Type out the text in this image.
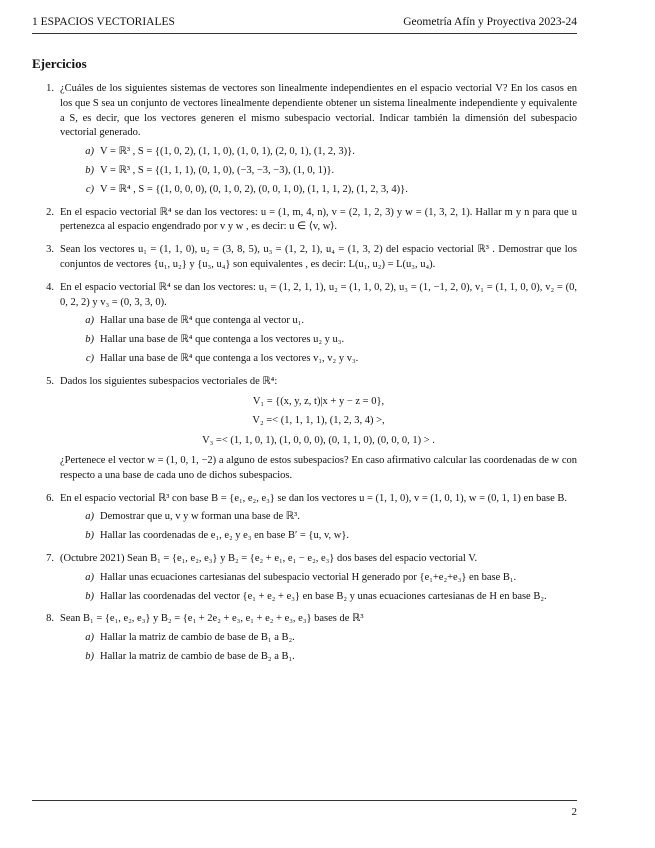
1 ESPACIOS VECTORIALES	Geometría Afín y Proyectiva 2023-24
Ejercicios
1. ¿Cuáles de los siguientes sistemas de vectores son linealmente independientes en el espacio vectorial V? En los casos en los que S sea un conjunto de vectores linealmente dependiente obtener un sistema linealmente independiente y equivalente a S, es decir, que los vectores generen el mismo subespacio vectorial. Indicar también la dimensión del subespacio vectorial generado.
a) V = ℝ³ , S = {(1, 0, 2), (1, 1, 0), (1, 0, 1), (2, 0, 1), (1, 2, 3)}.
b) V = ℝ³ , S = {(1, 1, 1), (0, 1, 0), (−3, −3, −3), (1, 0, 1)}.
c) V = ℝ⁴ , S = {(1, 0, 0, 0), (0, 1, 0, 2), (0, 0, 1, 0), (1, 1, 1, 2), (1, 2, 3, 4)}.
2. En el espacio vectorial ℝ⁴ se dan los vectores: u = (1, m, 4, n), v = (2, 1, 2, 3) y w = (1, 3, 2, 1). Hallar m y n para que u pertenezca al espacio engendrado por v y w , es decir: u ∈ ⟨v, w⟩.
3. Sean los vectores u₁ = (1, 1, 0), u₂ = (3, 8, 5), u₃ = (1, 2, 1), u₄ = (1, 3, 2) del espacio vectorial ℝ³ . Demostrar que los conjuntos de vectores {u₁, u₂} y {u₃, u₄} son equivalentes , es decir: L(u₁, u₂) = L(u₃, u₄).
4. En el espacio vectorial ℝ⁴ se dan los vectores: u₁ = (1, 2, 1, 1), u₂ = (1, 1, 0, 2), u₃ = (1, −1, 2, 0), v₁ = (1, 1, 0, 0), v₂ = (0, 0, 2, 2) y v₃ = (0, 3, 3, 0).
a) Hallar una base de ℝ⁴ que contenga al vector u₁.
b) Hallar una base de ℝ⁴ que contenga a los vectores u₂ y u₃.
c) Hallar una base de ℝ⁴ que contenga a los vectores v₁, v₂ y v₃.
5. Dados los siguientes subespacios vectoriales de ℝ⁴:
V₁ = {(x, y, z, t)|x + y − z = 0},
V₂ =< (1, 1, 1, 1), (1, 2, 3, 4) >,
V₃ =< (1, 1, 0, 1), (1, 0, 0, 0), (0, 1, 1, 0), (0, 0, 0, 1) > .
¿Pertenece el vector w = (1, 0, 1, −2) a alguno de estos subespacios? En caso afirmativo calcular las coordenadas de w con respecto a una base de cada uno de dichos subespacios.
6. En el espacio vectorial ℝ³ con base B = {e₁, e₂, e₃} se dan los vectores u = (1, 1, 0), v = (1, 0, 1), w = (0, 1, 1) en base B.
a) Demostrar que u, v y w forman una base de ℝ³.
b) Hallar las coordenadas de e₁, e₂ y e₃ en base B′ = {u, v, w}.
7. (Octubre 2021) Sean B₁ = {e₁, e₂, e₃} y B₂ = {e₂ + e₁, e₁ − e₂, e₃} dos bases del espacio vectorial V.
a) Hallar unas ecuaciones cartesianas del subespacio vectorial H generado por {e₁+e₂+e₃} en base B₁.
b) Hallar las coordenadas del vector {e₁ + e₂ + e₃} en base B₂ y unas ecuaciones cartesianas de H en base B₂.
8. Sean B₁ = {e₁, e₂, e₃} y B₂ = {e₁ + 2e₂ + e₃, e₁ + e₂ + e₃, e₃} bases de ℝ³
a) Hallar la matriz de cambio de base de B₁ a B₂.
b) Hallar la matriz de cambio de base de B₂ a B₁.
2
